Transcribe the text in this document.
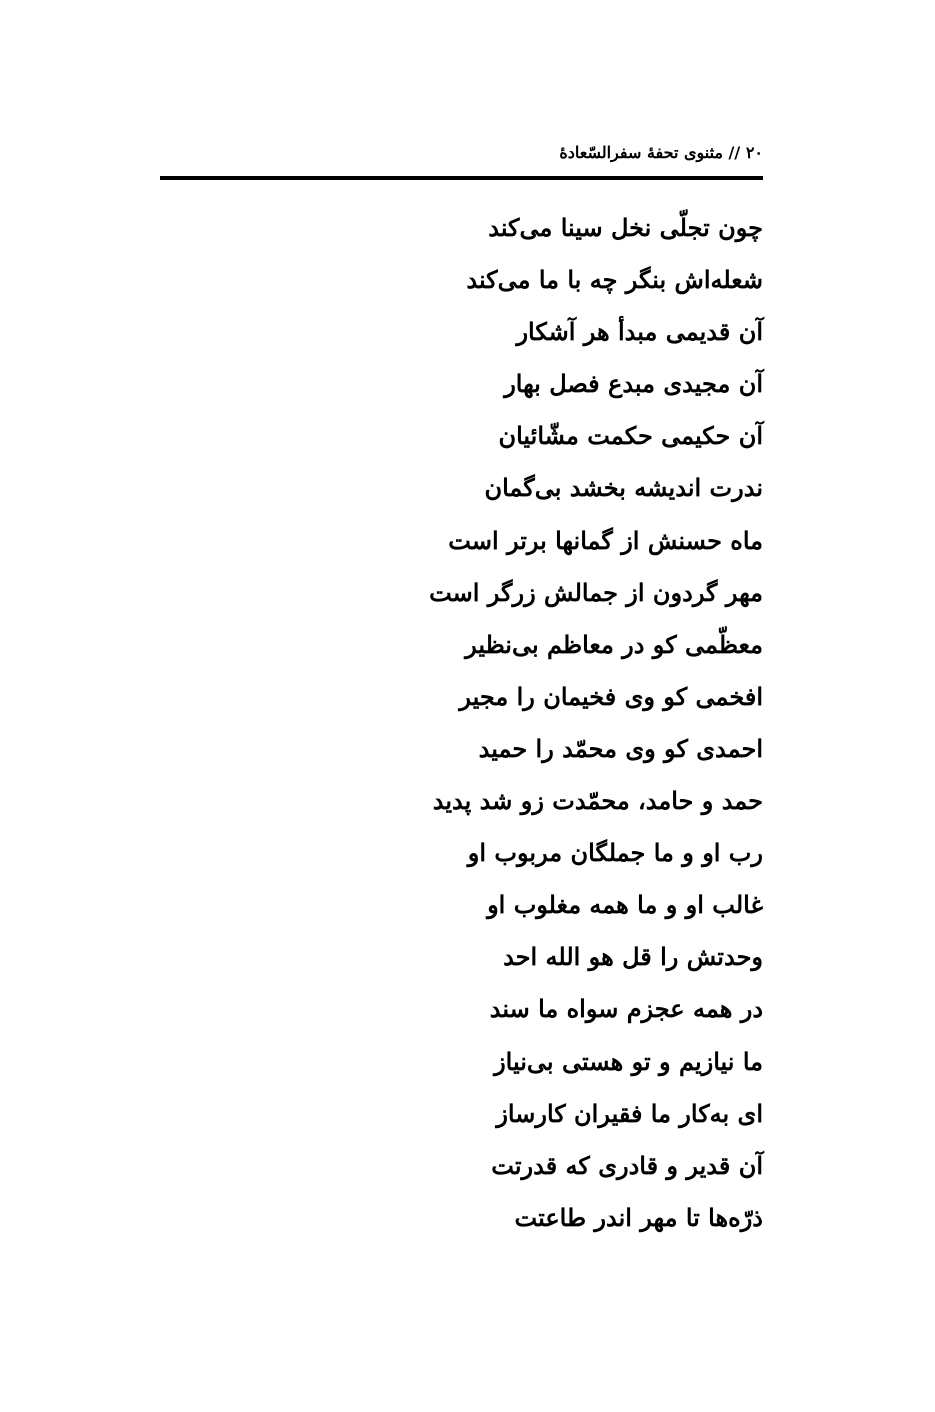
۲۰ // مثنوی تحفهٔ سفرالسّعادهٔ
چون تجلّی نخل سینا می‌کند
شعله‌اش بنگر چه با ما می‌کند
آن قدیمی مبدأ هر آشکار
آن مجیدی مبدع فصل بهار
آن حکیمی حکمت مشّائیان
ندرت اندیشه بخشد بی‌گمان
ماه حسنش از گمانها برتر است
مهر گردون از جمالش زرگر است
معظّمی کو در معاظم بی‌نظیر
افخمی کو وی فخیمان را مجیر
احمدی کو وی محمّد را حمید
حمد و حامد، محمّدت زو شد پدید
رب او و ما جملگان مربوب او
غالب او و ما همه مغلوب او
وحدتش را قل هو الله احد
در همه عجزم سواه ما سند
ما نیازیم و تو هستی بی‌نیاز
ای به‌کار ما فقیران کارساز
آن قدیر و قادری که قدرتت
ذرّه‌ها تا مهر اندر طاعتت
